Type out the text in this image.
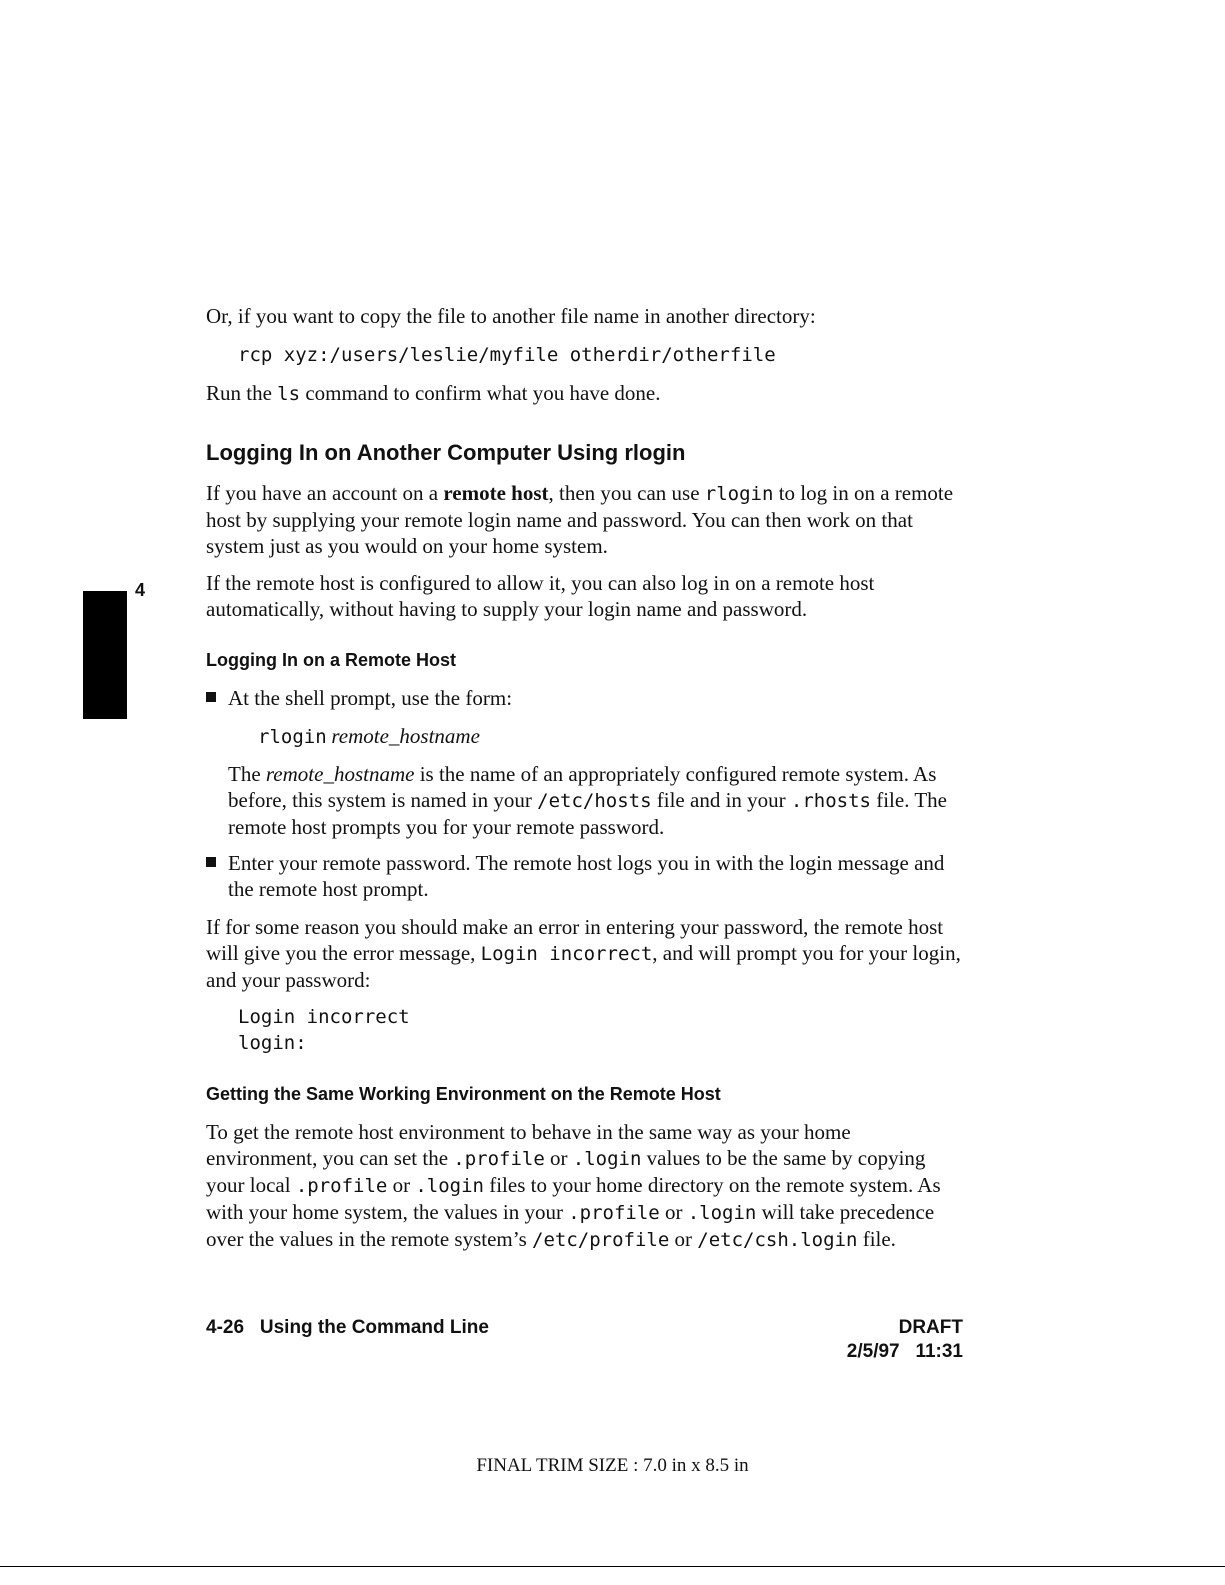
Or, if you want to copy the file to another file name in another directory:

rcp xyz:/users/leslie/myfile otherdir/otherfile

Run the ls command to confirm what you have done.

Logging In on Another Computer Using rlogin

If you have an account on a remote host, then you can use rlogin to log in on a remote host by supplying your remote login name and password. You can then work on that system just as you would on your home system.

If the remote host is configured to allow it, you can also log in on a remote host automatically, without having to supply your login name and password.

4
Logging In on a Remote Host

At the shell prompt, use the form:

rlogin remote_hostname

The remote_hostname is the name of an appropriately configured remote system. As before, this system is named in your /etc/hosts file and in your .rhosts file. The remote host prompts you for your remote password.

Enter your remote password. The remote host logs you in with the login message and the remote host prompt.

If for some reason you should make an error in entering your password, the remote host will give you the error message, Login incorrect, and will prompt you for your login, and your password:

Login incorrect
login:
Getting the Same Working Environment on the Remote Host

To get the remote host environment to behave in the same way as your home environment, you can set the .profile or .login values to be the same by copying your local .profile or .login files to your home directory on the remote system. As with your home system, the values in your .profile or .login will take precedence over the values in the remote system’s /etc/profile or /etc/csh.login file.

4-26 Using the Command Line	DRAFT
2/5/97 11:31
FINAL TRIM SIZE : 7.0 in x 8.5 in
